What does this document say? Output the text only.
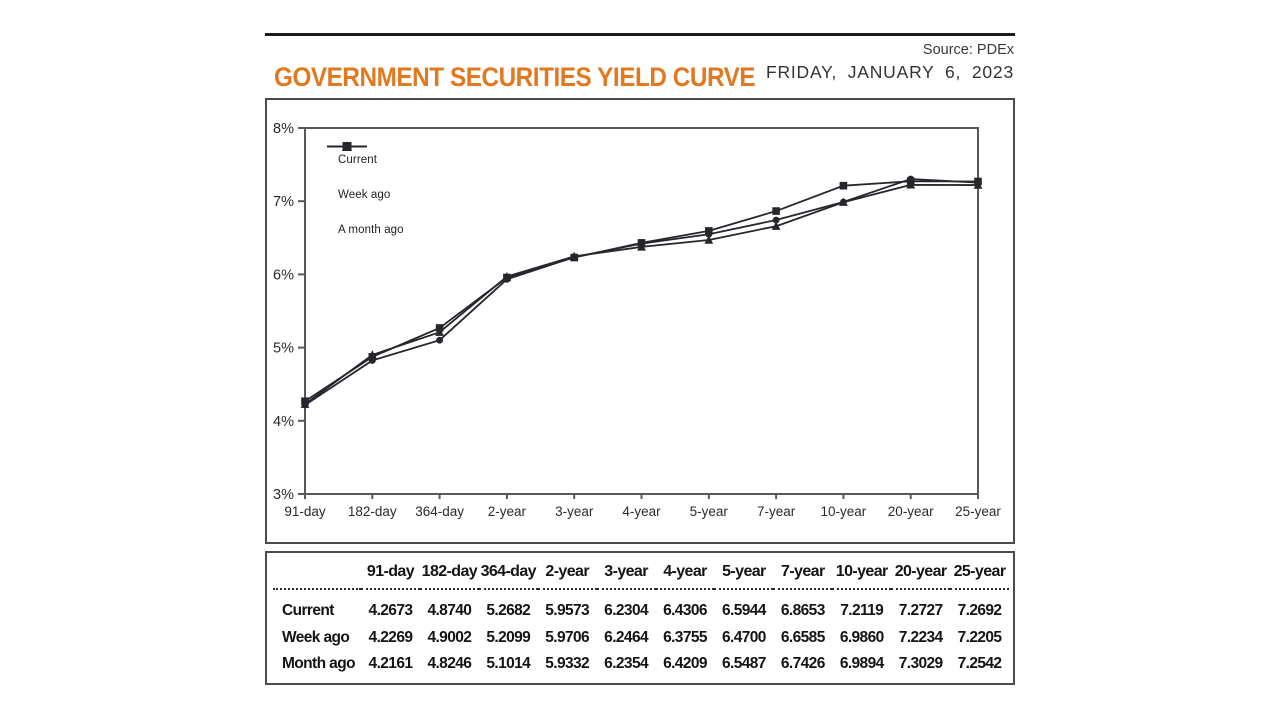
GOVERNMENT SECURITIES YIELD CURVE
Source: PDEx
FRIDAY, JANUARY 6, 2023
3%
4%
5%
6%
7%
8%
91-day 182-day 364-day 2-year 3-year 4-year 5-year 7-year 10-year 20-year 25-year
Current
Week ago
A month ago
91-day 182-day 364-day 2-year 3-year 4-year 5-year 7-year 10-year 20-year 25-year
Current	4.2673 4.8740 5.2682 5.9573 6.2304 6.4306 6.5944 6.8653	7.2119	7.2727 7.2692
Week ago	4.2269 4.9002 5.2099 5.9706 6.2464 6.3755 6.4700 6.6585 6.9860 7.2234 7.2205
Month ago 4.2161 4.8246 5.1014 5.9332 6.2354 6.4209 6.5487 6.7426 6.9894 7.3029 7.2542
